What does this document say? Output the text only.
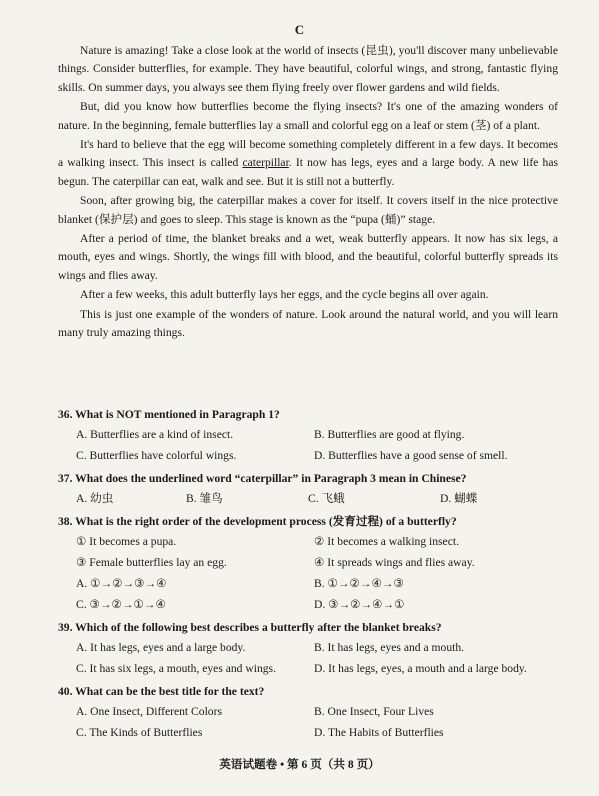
C

Nature is amazing! Take a close look at the world of insects (昆虫), you'll discover many unbelievable things. Consider butterflies, for example. They have beautiful, colorful wings, and strong, fantastic flying skills. On summer days, you always see them flying freely over flower gardens and wild fields.

But, did you know how butterflies become the flying insects? It's one of the amazing wonders of nature. In the beginning, female butterflies lay a small and colorful egg on a leaf or stem (茎) of a plant.

It's hard to believe that the egg will become something completely different in a few days. It becomes a walking insect. This insect is called caterpillar. It now has legs, eyes and a large body. A new life has begun. The caterpillar can eat, walk and see. But it is still not a butterfly.

Soon, after growing big, the caterpillar makes a cover for itself. It covers itself in the nice protective blanket (保护层) and goes to sleep. This stage is known as the “pupa (蛹)” stage.

After a period of time, the blanket breaks and a wet, weak butterfly appears. It now has six legs, a mouth, eyes and wings. Shortly, the wings fill with blood, and the beautiful, colorful butterfly spreads its wings and flies away.

After a few weeks, this adult butterfly lays her eggs, and the cycle begins all over again.

This is just one example of the wonders of nature. Look around the natural world, and you will learn many truly amazing things.

36. What is NOT mentioned in Paragraph 1?

A. Butterflies are a kind of insect.	B. Butterflies are good at flying.
C. Butterflies have colorful wings.	D. Butterflies have a good sense of smell.

37. What does the underlined word “caterpillar” in Paragraph 3 mean in Chinese?

A. 幼虫	B. 雏鸟	C. 飞蛾	D. 蝴蝶

38. What is the right order of the development process (发育过程) of a butterfly?

① It becomes a pupa.	② It becomes a walking insect.
③ Female butterflies lay an egg.	④ It spreads wings and flies away.
A. ①→②→③→④	B. ①→②→④→③
C. ③→②→①→④	D. ③→②→④→①

39. Which of the following best describes a butterfly after the blanket breaks?

A. It has legs, eyes and a large body.	B. It has legs, eyes and a mouth.
C. It has six legs, a mouth, eyes and wings.	D. It has legs, eyes, a mouth and a large body.

40. What can be the best title for the text?

A. One Insect, Different Colors	B. One Insect, Four Lives
C. The Kinds of Butterflies	D. The Habits of Butterflies
英语试题卷 • 第 6 页（共 8 页）
